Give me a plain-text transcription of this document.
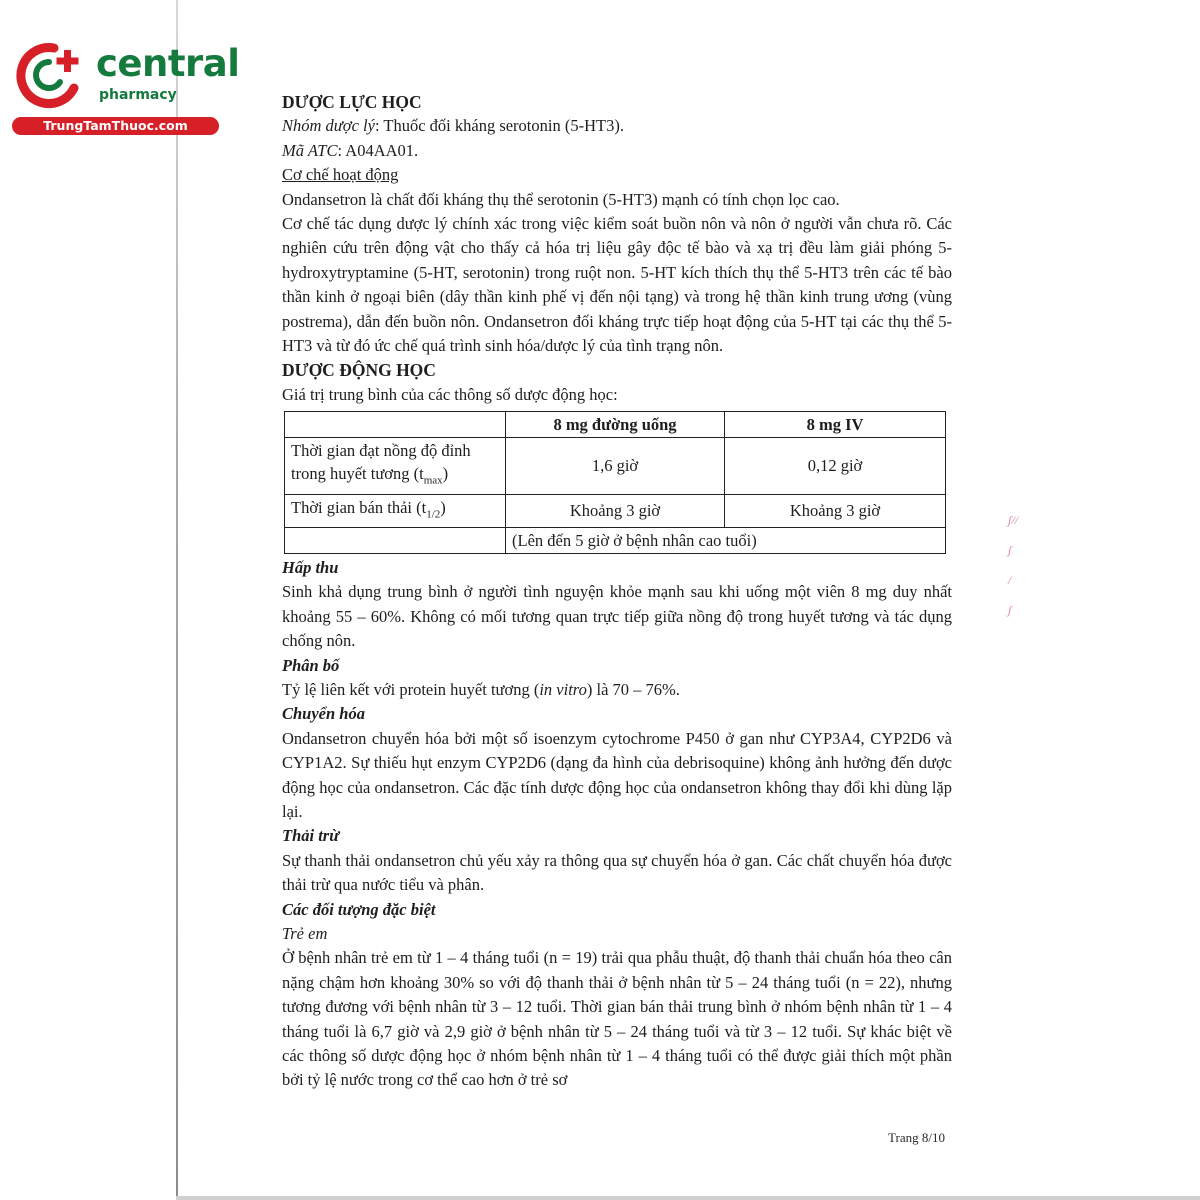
central
pharmacy
TrungTamThuoc.com

DƯỢC LỰC HỌC

Nhóm dược lý: Thuốc đối kháng serotonin (5-HT3).

Mã ATC: A04AA01.

Cơ chế hoạt động

Ondansetron là chất đối kháng thụ thể serotonin (5-HT3) mạnh có tính chọn lọc cao.

Cơ chế tác dụng dược lý chính xác trong việc kiểm soát buồn nôn và nôn ở người vẫn chưa rõ. Các nghiên cứu trên động vật cho thấy cả hóa trị liệu gây độc tế bào và xạ trị đều làm giải phóng 5-hydroxytryptamine (5-HT, serotonin) trong ruột non. 5-HT kích thích thụ thể 5-HT3 trên các tế bào thần kinh ở ngoại biên (dây thần kinh phế vị đến nội tạng) và trong hệ thần kinh trung ương (vùng postrema), dẫn đến buồn nôn. Ondansetron đối kháng trực tiếp hoạt động của 5-HT tại các thụ thể 5-HT3 và từ đó ức chế quá trình sinh hóa/dược lý của tình trạng nôn.

DƯỢC ĐỘNG HỌC

Giá trị trung bình của các thông số dược động học:

	8 mg đường uống	8 mg IV
Thời gian đạt nồng độ đỉnh trong huyết tương $(t_{max})$	1,6 giờ	0,12 giờ
Thời gian bán thải $(t_{1/2})$	Khoảng 3 giờ	Khoảng 3 giờ
	(Lên đến 5 giờ ở bệnh nhân cao tuổi)	

Hấp thu

Sinh khả dụng trung bình ở người tình nguyện khỏe mạnh sau khi uống một viên 8 mg duy nhất khoảng 55 – 60%. Không có mối tương quan trực tiếp giữa nồng độ trong huyết tương và tác dụng chống nôn.

Phân bố

Tỷ lệ liên kết với protein huyết tương (in vitro) là 70 – 76%.

Chuyển hóa

Ondansetron chuyển hóa bởi một số isoenzym cytochrome P450 ở gan như CYP3A4, CYP2D6 và CYP1A2. Sự thiếu hụt enzym CYP2D6 (dạng đa hình của debrisoquine) không ảnh hưởng đến dược động học của ondansetron. Các đặc tính dược động học của ondansetron không thay đổi khi dùng lặp lại.

Thải trừ

Sự thanh thải ondansetron chủ yếu xảy ra thông qua sự chuyển hóa ở gan. Các chất chuyển hóa được thải trừ qua nước tiểu và phân.

Các đối tượng đặc biệt

Trẻ em

Ở bệnh nhân trẻ em từ 1 – 4 tháng tuổi (n = 19) trải qua phẫu thuật, độ thanh thải chuẩn hóa theo cân nặng chậm hơn khoảng 30% so với độ thanh thải ở bệnh nhân từ 5 – 24 tháng tuổi (n = 22), nhưng tương đương với bệnh nhân từ 3 – 12 tuổi. Thời gian bán thải trung bình ở nhóm bệnh nhân từ 1 – 4 tháng tuổi là 6,7 giờ và 2,9 giờ ở bệnh nhân từ 5 – 24 tháng tuổi và từ 3 – 12 tuổi. Sự khác biệt về các thông số dược động học ở nhóm bệnh nhân từ 1 – 4 tháng tuổi có thể được giải thích một phần bởi tỷ lệ nước trong cơ thể cao hơn ở trẻ sơ

ʃ//
ʃ
/
ʃ
Trang 8/10
